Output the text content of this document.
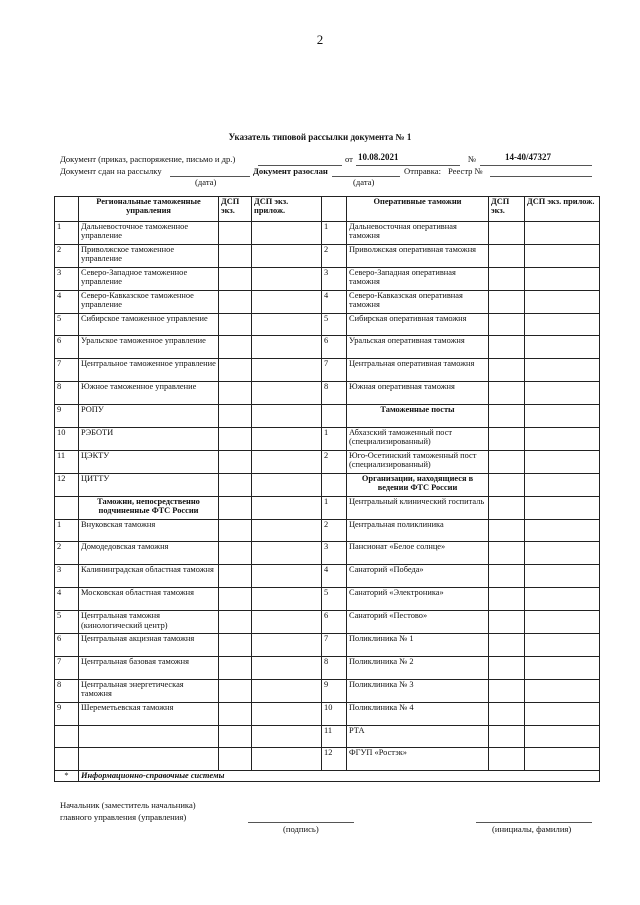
2
Указатель типовой рассылки документа № 1
Документ (приказ, распоряжение, письмо и др.)	от 10.08.2021	№	14-40/47327
Документ сдан на рассылку	Документ разослан	Отправка: Реестр №
(дата)	(дата)
	Региональные таможенные управления	ДСП экз.	ДСП экз. прилож.		Оперативные таможни	ДСП экз.	ДСП экз. прилож.
1	Дальневосточное таможенное управление			1	Дальневосточная оперативная таможня		
2	Приволжское таможенное управление			2	Приволжская оперативная таможня		
3	Северо-Западное таможенное управление			3	Северо-Западная оперативная таможня		
4	Северо-Кавказское таможенное управление			4	Северо-Кавказская оперативная таможня		
5	Сибирское таможенное управление			5	Сибирская оперативная таможня		
6	Уральское таможенное управление			6	Уральская оперативная таможня		
7	Центральное таможенное управление			7	Центральная оперативная таможня		
8	Южное таможенное управление			8	Южная оперативная таможня		
9	РОПУ				Таможенные посты		
10	РЭБОТИ			1	Абхазский таможенный пост (специализированный)		
11	ЦЭКТУ			2	Юго-Осетинский таможенный пост (специализированный)		
12	ЦИТТУ				Организации, находящиеся в ведении ФТС России		
	Таможни, непосредственно подчиненные ФТС России			1	Центральный клинический госпиталь		
1	Внуковская таможня			2	Центральная поликлиника		
2	Домодедовская таможня			3	Пансионат «Белое солнце»		
3	Калининградская областная таможня			4	Санаторий «Победа»		
4	Московская областная таможня			5	Санаторий «Электроника»		
5	Центральная таможня (кинологический центр)			6	Санаторий «Пестово»		
6	Центральная акцизная таможня			7	Поликлиника № 1		
7	Центральная базовая таможня			8	Поликлиника № 2		
8	Центральная энергетическая таможня			9	Поликлиника № 3		
9	Шереметьевская таможня			10	Поликлиника № 4		
				11	РТА		
				12	ФГУП «Ростэк»		
*	Информационно-справочные системы						
Начальник (заместитель начальника)
главного управления (управления)
(подпись)	(инициалы, фамилия)
